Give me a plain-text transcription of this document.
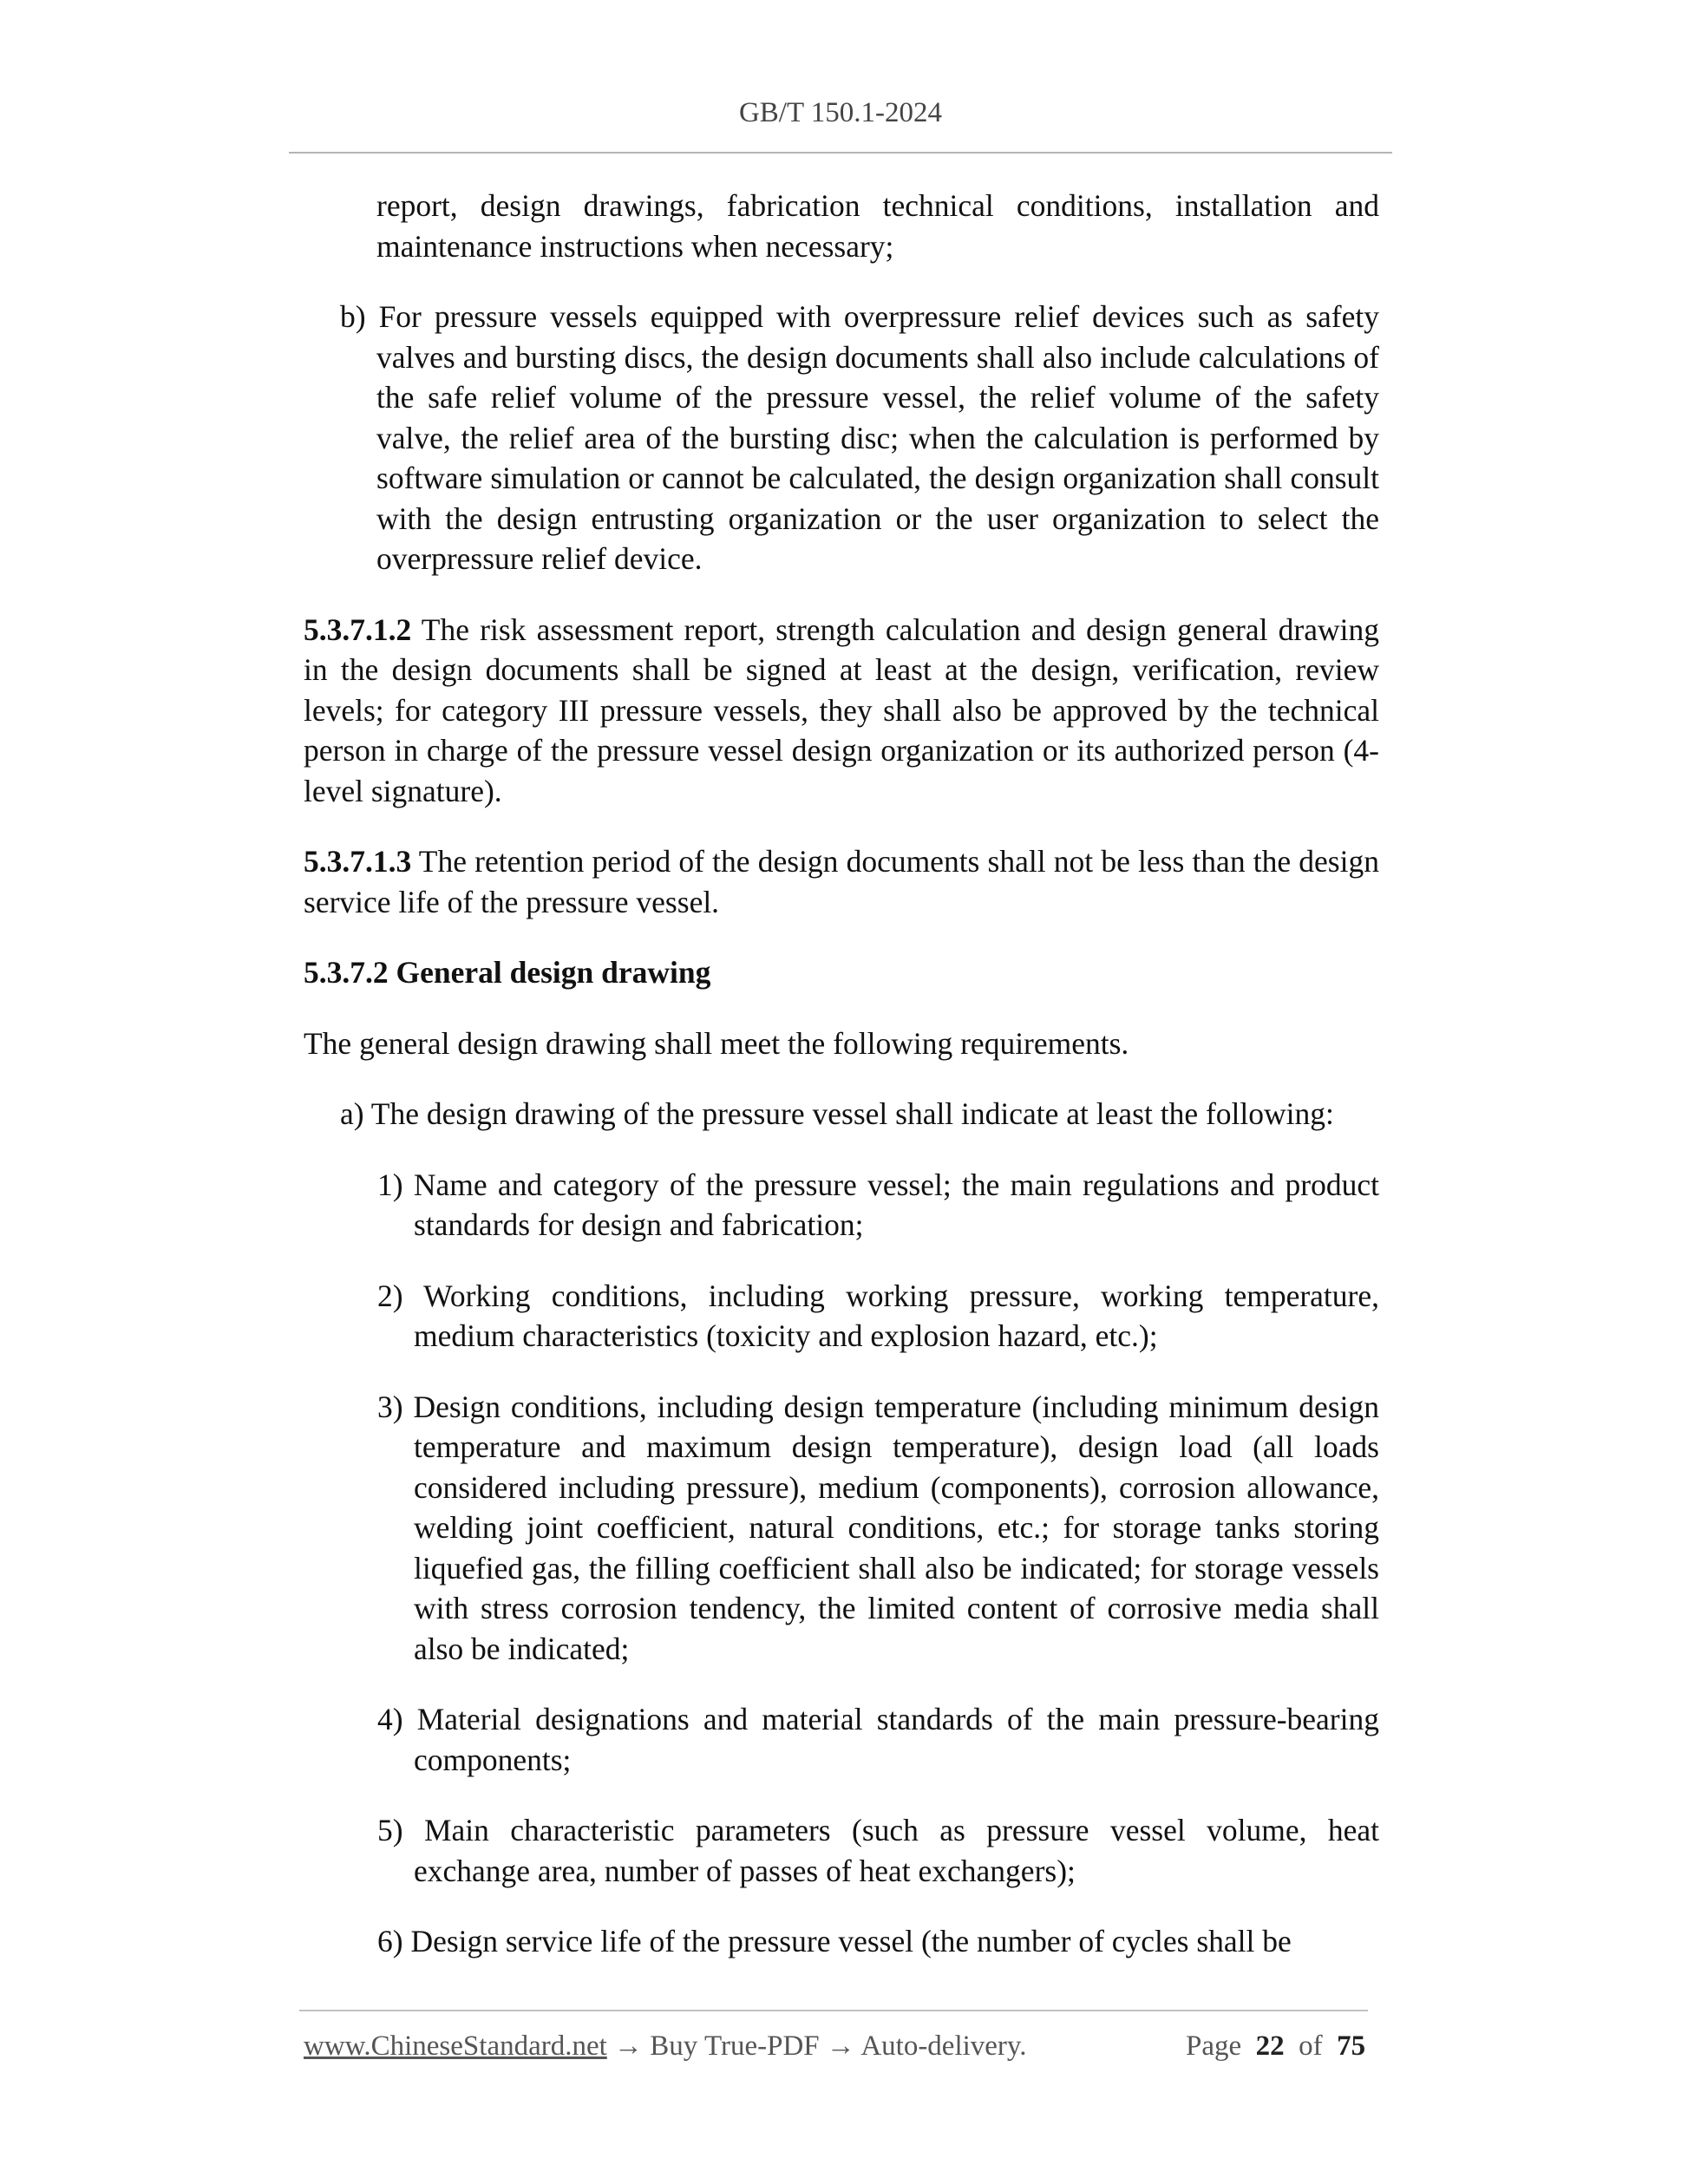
GB/T 150.1-2024

report, design drawings, fabrication technical conditions, installation and maintenance instructions when necessary;

b) For pressure vessels equipped with overpressure relief devices such as safety valves and bursting discs, the design documents shall also include calculations of the safe relief volume of the pressure vessel, the relief volume of the safety valve, the relief area of the bursting disc; when the calculation is performed by software simulation or cannot be calculated, the design organization shall consult with the design entrusting organization or the user organization to select the overpressure relief device.

5.3.7.1.2 The risk assessment report, strength calculation and design general drawing in the design documents shall be signed at least at the design, verification, review levels; for category III pressure vessels, they shall also be approved by the technical person in charge of the pressure vessel design organization or its authorized person (4-level signature).

5.3.7.1.3 The retention period of the design documents shall not be less than the design service life of the pressure vessel.

5.3.7.2 General design drawing

The general design drawing shall meet the following requirements.

a) The design drawing of the pressure vessel shall indicate at least the following:

1) Name and category of the pressure vessel; the main regulations and product standards for design and fabrication;

2) Working conditions, including working pressure, working temperature, medium characteristics (toxicity and explosion hazard, etc.);

3) Design conditions, including design temperature (including minimum design temperature and maximum design temperature), design load (all loads considered including pressure), medium (components), corrosion allowance, welding joint coefficient, natural conditions, etc.; for storage tanks storing liquefied gas, the filling coefficient shall also be indicated; for storage vessels with stress corrosion tendency, the limited content of corrosive media shall also be indicated;

4) Material designations and material standards of the main pressure-bearing components;

5) Main characteristic parameters (such as pressure vessel volume, heat exchange area, number of passes of heat exchangers);

6) Design service life of the pressure vessel (the number of cycles shall be

www.ChineseStandard.net → Buy True-PDF → Auto-delivery.	Page 22 of 75
